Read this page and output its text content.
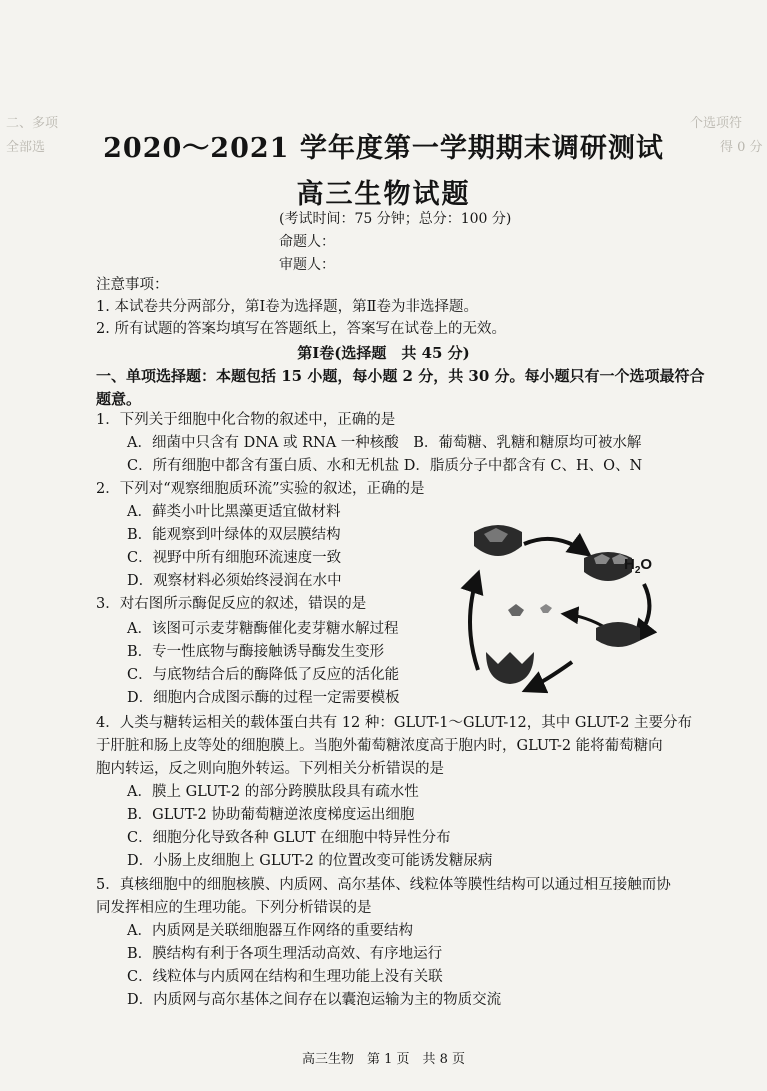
二、多项
全部选
个选项符
得 0 分
2020～2021 学年度第一学期期末调研测试
高三生物试题
(考试时间：75 分钟；总分：100 分)
命题人：
审题人：
注意事项：
1. 本试卷共分两部分，第Ⅰ卷为选择题，第Ⅱ卷为非选择题。
2. 所有试题的答案均填写在答题纸上，答案写在试卷上的无效。
第Ⅰ卷(选择题　共 45 分)
一、单项选择题：本题包括 15 小题，每小题 2 分，共 30 分。每小题只有一个选项最符合
题意。
1．下列关于细胞中化合物的叙述中，正确的是
A．细菌中只含有 DNA 或 RNA 一种核酸　B．葡萄糖、乳糖和糖原均可被水解
C．所有细胞中都含有蛋白质、水和无机盐 D．脂质分子中都含有 C、H、O、N
2．下列对“观察细胞质环流”实验的叙述，正确的是
A．藓类小叶比黑藻更适宜做材料
B．能观察到叶绿体的双层膜结构
C．视野中所有细胞环流速度一致
D．观察材料必须始终浸润在水中
3．对右图所示酶促反应的叙述，错误的是
A．该图可示麦芽糖酶催化麦芽糖水解过程
B．专一性底物与酶接触诱导酶发生变形
C．与底物结合后的酶降低了反应的活化能
D．细胞内合成图示酶的过程一定需要模板
4．人类与糖转运相关的载体蛋白共有 12 种：GLUT-1～GLUT-12，其中 GLUT-2 主要分布
于肝脏和肠上皮等处的细胞膜上。当胞外葡萄糖浓度高于胞内时，GLUT-2 能将葡萄糖向
胞内转运，反之则向胞外转运。下列相关分析错误的是
A．膜上 GLUT-2 的部分跨膜肽段具有疏水性
B．GLUT-2 协助葡萄糖逆浓度梯度运出细胞
C．细胞分化导致各种 GLUT 在细胞中特异性分布
D．小肠上皮细胞上 GLUT-2 的位置改变可能诱发糖尿病
5．真核细胞中的细胞核膜、内质网、高尔基体、线粒体等膜性结构可以通过相互接触而协
同发挥相应的生理功能。下列分析错误的是
A．内质网是关联细胞器互作网络的重要结构
B．膜结构有利于各项生理活动高效、有序地运行
C．线粒体与内质网在结构和生理功能上没有关联
D．内质网与高尔基体之间存在以囊泡运输为主的物质交流
$H_2O$
高三生物　第 1 页　共 8 页
